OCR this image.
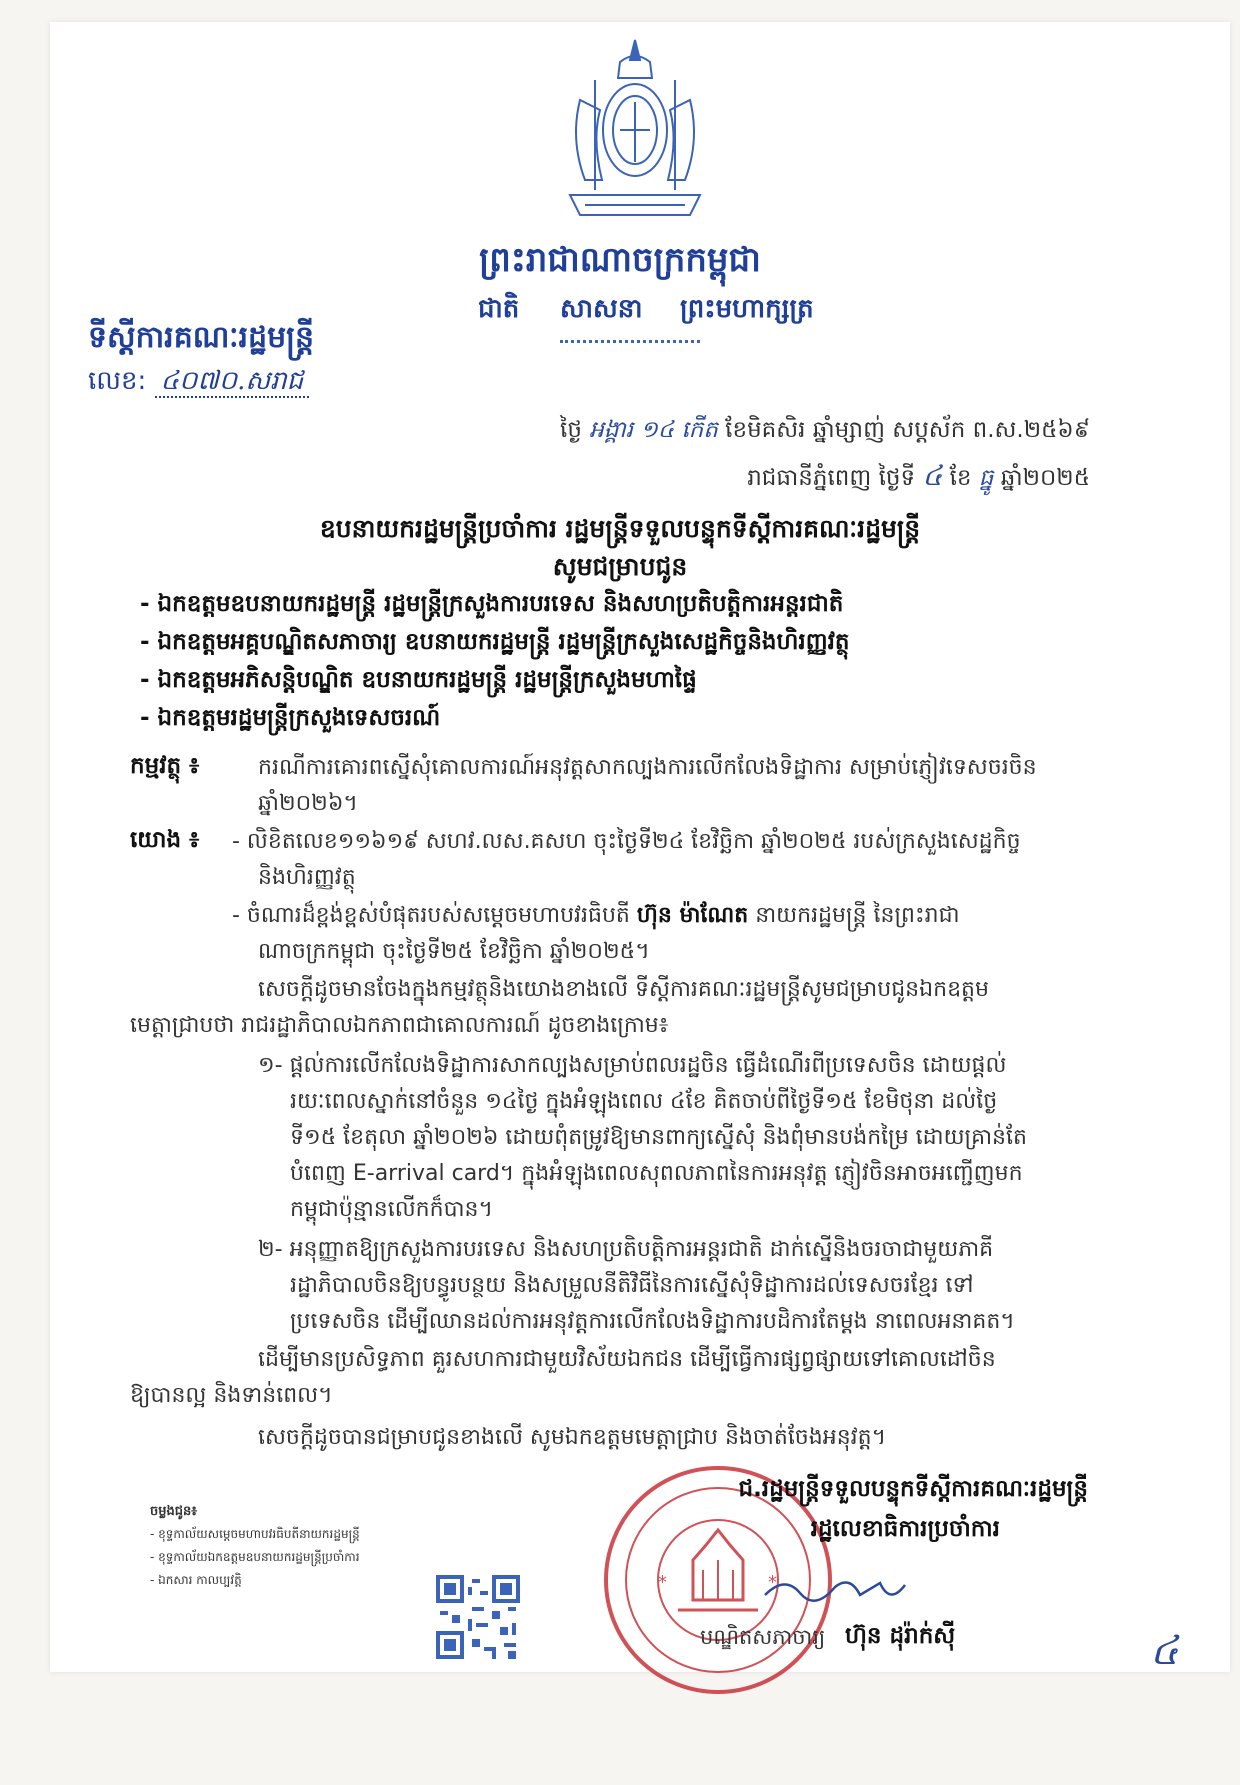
ព្រះរាជាណាចក្រកម្ពុជា
ជាតិ សាសនា ព្រះមហាក្សត្រ
ទីស្ដីការគណៈរដ្ឋមន្ត្រី
លេខ: ៤០៧០.សរាជ
ថ្ងៃ អង្គារ ១៤ កើត ខែមិគសិរ ឆ្នាំម្សាញ់ សប្តស័ក ព.ស.២៥៦៩
រាជធានីភ្នំពេញ ថ្ងៃទី ៤ ខែ ធ្នូ ឆ្នាំ២០២៥
ឧបនាយករដ្ឋមន្ត្រីប្រចាំការ រដ្ឋមន្ត្រីទទួលបន្ទុកទីស្ដីការគណៈរដ្ឋមន្ត្រី
សូមជម្រាបជូន
- ឯកឧត្តមឧបនាយករដ្ឋមន្ត្រី រដ្ឋមន្ត្រីក្រសួងការបរទេស និងសហប្រតិបត្តិការអន្តរជាតិ
- ឯកឧត្តមអគ្គបណ្ឌិតសភាចារ្យ ឧបនាយករដ្ឋមន្ត្រី រដ្ឋមន្ត្រីក្រសួងសេដ្ឋកិច្ចនិងហិរញ្ញវត្ថុ
- ឯកឧត្តមអភិសន្តិបណ្ឌិត ឧបនាយករដ្ឋមន្ត្រី រដ្ឋមន្ត្រីក្រសួងមហាផ្ទៃ
- ឯកឧត្តមរដ្ឋមន្ត្រីក្រសួងទេសចរណ៍
កម្មវត្ថុ ៖	ករណីការគោរពស្នើសុំគោលការណ៍អនុវត្តសាកល្បងការលើកលែងទិដ្ឋាការ សម្រាប់ភ្ញៀវទេសចរចិន
ឆ្នាំ២០២៦។
យោង ៖ - លិខិតលេខ១១៦១៩ សហវ.លស.គសហ ចុះថ្ងៃទី២៤ ខែវិច្ឆិកា ឆ្នាំ២០២៥ របស់ក្រសួងសេដ្ឋកិច្ច
និងហិរញ្ញវត្ថុ
- ចំណារដ៏ខ្ពង់ខ្ពស់បំផុតរបស់សម្តេចមហាបវរធិបតី ហ៊ុន ម៉ាណែត នាយករដ្ឋមន្ត្រី នៃព្រះរាជា
ណាចក្រកម្ពុជា ចុះថ្ងៃទី២៥ ខែវិច្ឆិកា ឆ្នាំ២០២៥។
សេចក្តីដូចមានចែងក្នុងកម្មវត្ថុនិងយោងខាងលើ ទីស្ដីការគណៈរដ្ឋមន្ត្រីសូមជម្រាបជូនឯកឧត្តម
មេត្តាជ្រាបថា រាជរដ្ឋាភិបាលឯកភាពជាគោលការណ៍ ដូចខាងក្រោម៖
១- ផ្តល់ការលើកលែងទិដ្ឋាការសាកល្បងសម្រាប់ពលរដ្ឋចិន ធ្វើដំណើរពីប្រទេសចិន ដោយផ្តល់
រយៈពេលស្នាក់នៅចំនួន ១៤ថ្ងៃ ក្នុងអំឡុងពេល ៤ខែ គិតចាប់ពីថ្ងៃទី១៥ ខែមិថុនា ដល់ថ្ងៃ
ទី១៥ ខែតុលា ឆ្នាំ២០២៦ ដោយពុំតម្រូវឱ្យមានពាក្យស្នើសុំ និងពុំមានបង់កម្រៃ ដោយគ្រាន់តែ
បំពេញ E-arrival card។ ក្នុងអំឡុងពេលសុពលភាពនៃការអនុវត្ត ភ្ញៀវចិនអាចអញ្ជើញមក
កម្ពុជាប៉ុន្មានលើកក៏បាន។
២- អនុញ្ញាតឱ្យក្រសួងការបរទេស និងសហប្រតិបត្តិការអន្តរជាតិ ដាក់ស្នើនិងចរចាជាមួយភាគី
រដ្ឋាភិបាលចិនឱ្យបន្ធូរបន្ថយ និងសម្រួលនីតិវិធីនៃការស្នើសុំទិដ្ឋាការដល់ទេសចរខ្មែរ ទៅ
ប្រទេសចិន ដើម្បីឈានដល់ការអនុវត្តការលើកលែងទិដ្ឋាការបដិការតែម្តង នាពេលអនាគត។
ដើម្បីមានប្រសិទ្ធភាព គួរសហការជាមួយវិស័យឯកជន ដើម្បីធ្វើការផ្សព្វផ្សាយទៅគោលដៅចិន
ឱ្យបានល្អ និងទាន់ពេល។
សេចក្តីដូចបានជម្រាបជូនខាងលើ សូមឯកឧត្តមមេត្តាជ្រាប និងចាត់ចែងអនុវត្ត។
*	*
ជ.រដ្ឋមន្ត្រីទទួលបន្ទុកទីស្ដីការគណៈរដ្ឋមន្ត្រី
រដ្ឋលេខាធិការប្រចាំការ
បណ្ឌិតសភាចារ្យ ហ៊ុន ដុរ៉ាក់ស៊ី
ចម្លងជូន៖
- ខុទ្ទកាល័យសម្តេចមហាបវរធិបតីនាយករដ្ឋមន្ត្រី
- ខុទ្ទកាល័យឯកឧត្តមឧបនាយករដ្ឋមន្ត្រីប្រចាំការ
- ឯកសារ កាលប្បវត្តិ
៤
